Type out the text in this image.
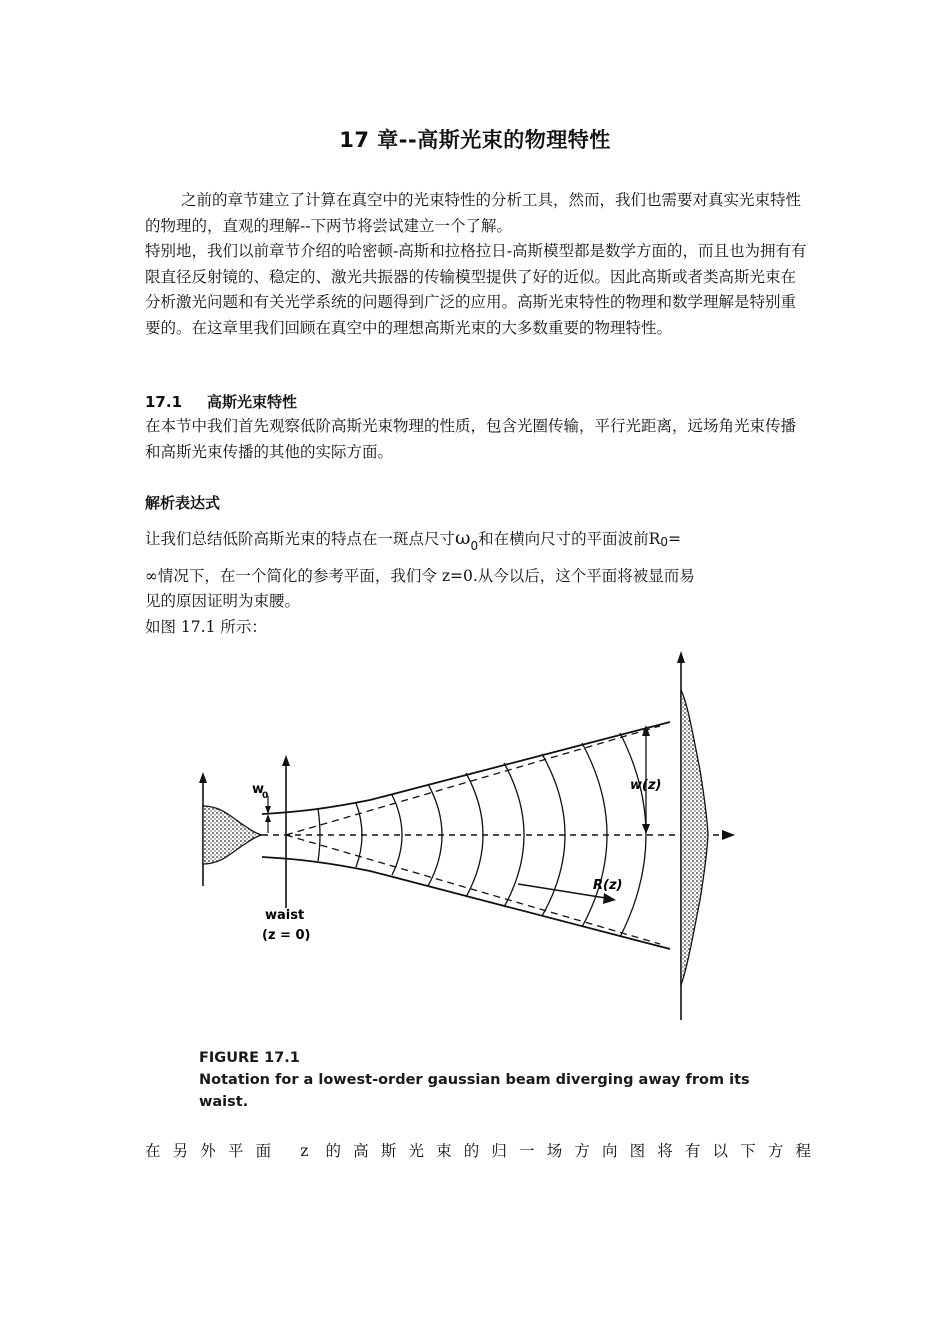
17 章--高斯光束的物理特性
之前的章节建立了计算在真空中的光束特性的分析工具，然而，我们也需要对真实光束特性的物理的，直观的理解--下两节将尝试建立一个了解。
特别地，我们以前章节介绍的哈密顿-高斯和拉格拉日-高斯模型都是数学方面的，而且也为拥有有限直径反射镜的、稳定的、激光共振器的传输模型提供了好的近似。因此高斯或者类高斯光束在分析激光问题和有关光学系统的问题得到广泛的应用。高斯光束特性的物理和数学理解是特别重要的。在这章里我们回顾在真空中的理想高斯光束的大多数重要的物理特性。
17.1 高斯光束特性
在本节中我们首先观察低阶高斯光束物理的性质，包含光圈传输，平行光距离，远场角光束传播和高斯光束传播的其他的实际方面。
解析表达式
让我们总结低阶高斯光束的特点在一斑点尺寸$\omega_0$和在横向尺寸的平面波前R0=
∞情况下，在一个简化的参考平面，我们令 z=0.从今以后，这个平面将被显而易
见的原因证明为束腰。
如图 17.1 所示：
w
0
w(z)
R(z)
waist
(z = 0)
FIGURE 17.1
Notation for a lowest-order gaussian beam diverging away from its
waist.
在另外平面 z 的高斯光束的归一场方向图将有以下方程
